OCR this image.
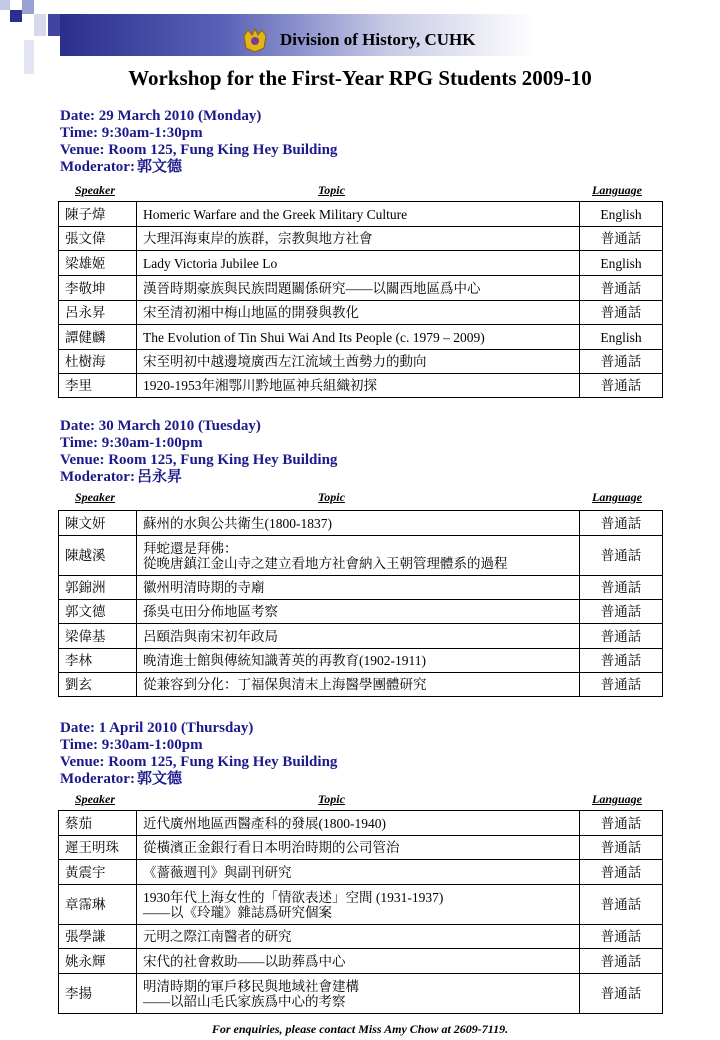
Division of History, CUHK
Workshop for the First-Year RPG Students 2009-10
Date: 29 March 2010 (Monday)
Time: 9:30am-1:30pm
Venue: Room 125, Fung King Hey Building
Moderator: 郭文德
Speaker	Topic	Language
陳子煒	Homeric Warfare and the Greek Military Culture	English
張文偉	大理洱海東岸的族群，宗教與地方社會	普通話
梁雄姬	Lady Victoria Jubilee Lo	English
李敬坤	漢晉時期豪族與民族問題關係研究——以關西地區爲中心	普通話
呂永昇	宋至清初湘中梅山地區的開發與教化	普通話
譚健麟	The Evolution of Tin Shui Wai And Its People (c. 1979 – 2009)	English
杜樹海	宋至明初中越邊境廣西左江流域土酋勢力的動向	普通話
李里	1920-1953年湘鄂川黔地區神兵組織初探	普通話
Date: 30 March 2010 (Tuesday)
Time: 9:30am-1:00pm
Venue: Room 125, Fung King Hey Building
Moderator: 呂永昇
Speaker	Topic	Language
陳文妍	蘇州的水與公共衛生(1800-1837)	普通話
陳越溪	拜蛇還是拜佛：
從晚唐鎮江金山寺之建立看地方社會納入王朝管理體系的過程	普通話
郭錦洲	徽州明清時期的寺廟	普通話
郭文德	孫吳屯田分佈地區考察	普通話
梁偉基	呂頤浩與南宋初年政局	普通話
李林	晚清進士館與傳統知識菁英的再教育(1902-1911)	普通話
劉玄	從兼容到分化：丁福保與清末上海醫學團體研究	普通話
Date: 1 April 2010 (Thursday)
Time: 9:30am-1:00pm
Venue: Room 125, Fung King Hey Building
Moderator: 郭文德
Speaker	Topic	Language
蔡茄	近代廣州地區西醫產科的發展(1800-1940)	普通話
遲王明珠	從橫濱正金銀行看日本明治時期的公司管治	普通話
黃震宇	《薔薇週刊》與副刊研究	普通話
章霈琳	1930年代上海女性的「情欲表述」空間 (1931-1937)
——以《玲瓏》雜誌爲研究個案	普通話
張學謙	元明之際江南醫者的研究	普通話
姚永輝	宋代的社會救助——以助葬爲中心	普通話
李揚	明清時期的軍戶移民與地域社會建構
——以韶山毛氏家族爲中心的考察	普通話
For enquiries, please contact Miss Amy Chow at 2609-7119.
